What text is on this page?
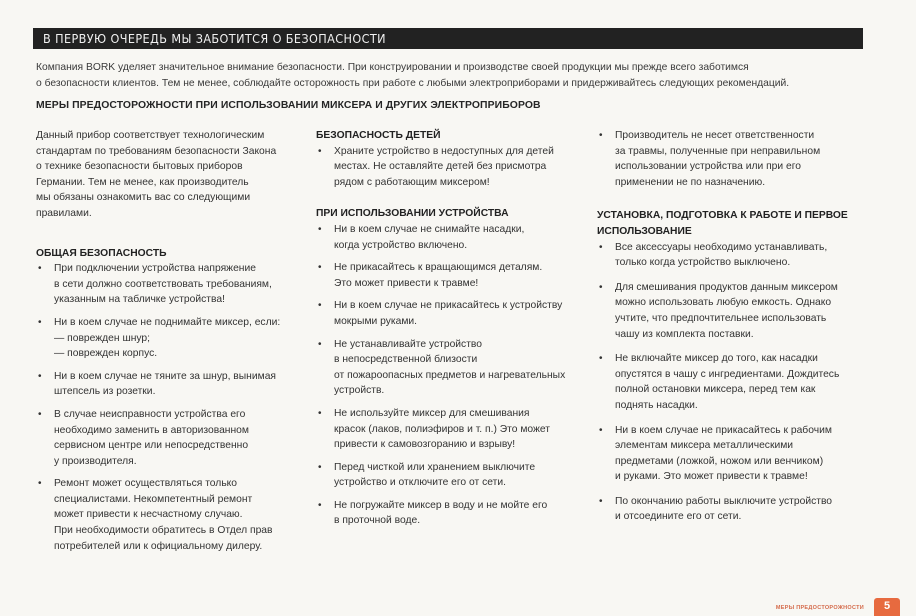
В ПЕРВУЮ ОЧЕРЕДЬ МЫ ЗАБОТИТСЯ О БЕЗОПАСНОСТИ
Компания BORK уделяет значительное внимание безопасности. При конструировании и производстве своей продукции мы прежде всего заботимся
о безопасности клиентов. Тем не менее, соблюдайте осторожность при работе с любыми электроприборами и придерживайтесь следующих рекомендаций.
МЕРЫ ПРЕДОСТОРОЖНОСТИ ПРИ ИСПОЛЬЗОВАНИИ МИКСЕРА И ДРУГИХ ЭЛЕКТРОПРИБОРОВ

Данный прибор соответствует технологическим
стандартам по требованиям безопасности Закона
о технике безопасности бытовых приборов
Германии. Тем не менее, как производитель
мы обязаны ознакомить вас со следующими
правилами.

ОБЩАЯ БЕЗОПАСНОСТЬ
• При подключении устройства напряжение
в сети должно соответствовать требованиям,
указанным на табличке устройства!
• Ни в коем случае не поднимайте миксер, если:
— поврежден шнур;
— поврежден корпус.
• Ни в коем случае не тяните за шнур, вынимая
штепсель из розетки.
• В случае неисправности устройства его
необходимо заменить в авторизованном
сервисном центре или непосредственно
у производителя.
• Ремонт может осуществляться только
специалистами. Некомпетентный ремонт
может привести к несчастному случаю.
При необходимости обратитесь в Отдел прав
потребителей или к официальному дилеру.
БЕЗОПАСНОСТЬ ДЕТЕЙ
• Храните устройство в недоступных для детей
местах. Не оставляйте детей без присмотра
рядом с работающим миксером!
ПРИ ИСПОЛЬЗОВАНИИ УСТРОЙСТВА
• Ни в коем случае не снимайте насадки,
когда устройство включено.
• Не прикасайтесь к вращающимся деталям.
Это может привести к травме!
• Ни в коем случае не прикасайтесь к устройству
мокрыми руками.
• Не устанавливайте устройство
в непосредственной близости
от пожароопасных предметов и нагревательных
устройств.
• Не используйте миксер для смешивания
красок (лаков, полиэфиров и т. п.) Это может
привести к самовозгоранию и взрыву!
• Перед чисткой или хранением выключите
устройство и отключите его от сети.
• Не погружайте миксер в воду и не мойте его
в проточной воде.
• Производитель не несет ответственности
за травмы, полученные при неправильном
использовании устройства или при его
применении не по назначению.
УСТАНОВКА, ПОДГОТОВКА К РАБОТЕ И ПЕРВОЕ
ИСПОЛЬЗОВАНИЕ
• Все аксессуары необходимо устанавливать,
только когда устройство выключено.
• Для смешивания продуктов данным миксером
можно использовать любую емкость. Однако
учтите, что предпочтительнее использовать
чашу из комплекта поставки.
• Не включайте миксер до того, как насадки
опустятся в чашу с ингредиентами. Дождитесь
полной остановки миксера, перед тем как
поднять насадки.
• Ни в коем случае не прикасайтесь к рабочим
элементам миксера металлическими
предметами (ложкой, ножом или венчиком)
и руками. Это может привести к травме!
• По окончанию работы выключите устройство
и отсоедините его от сети.
МЕРЫ ПРЕДОСТОРОЖНОСТИ	5
